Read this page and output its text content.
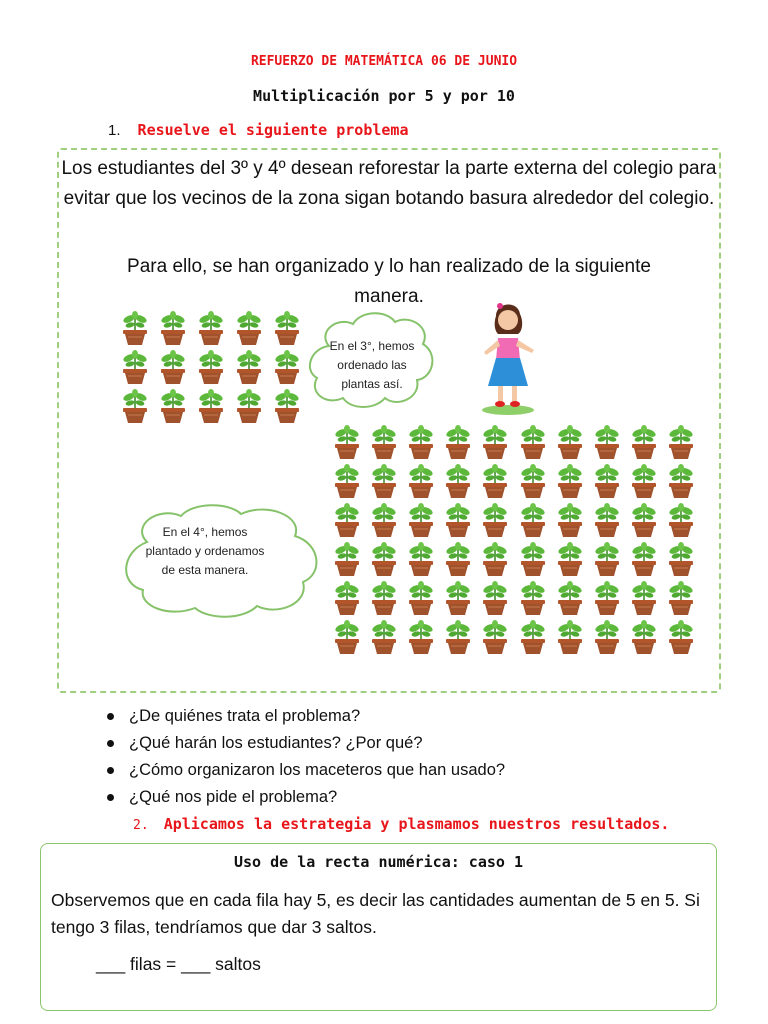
REFUERZO DE MATEMÁTICA 06 DE JUNIO
Multiplicación por 5 y por 10
1. Resuelve el siguiente problema
Los estudiantes del 3º y 4º desean reforestar la parte externa del colegio para evitar que los vecinos de la zona sigan botando basura alrededor del colegio.
Para ello, se han organizado y lo han realizado de la siguiente manera.
En el 3°, hemos ordenado las plantas así.
En el 4°, hemos plantado y ordenamos de esta manera.
¿De quiénes trata el problema?
¿Qué harán los estudiantes? ¿Por qué?
¿Cómo organizaron los maceteros que han usado?
¿Qué nos pide el problema?
2. Aplicamos la estrategia y plasmamos nuestros resultados.
Uso de la recta numérica: caso 1
Observemos que en cada fila hay 5, es decir las cantidades aumentan de 5 en 5. Si tengo 3 filas, tendríamos que dar 3 saltos.
___ filas = ___ saltos
